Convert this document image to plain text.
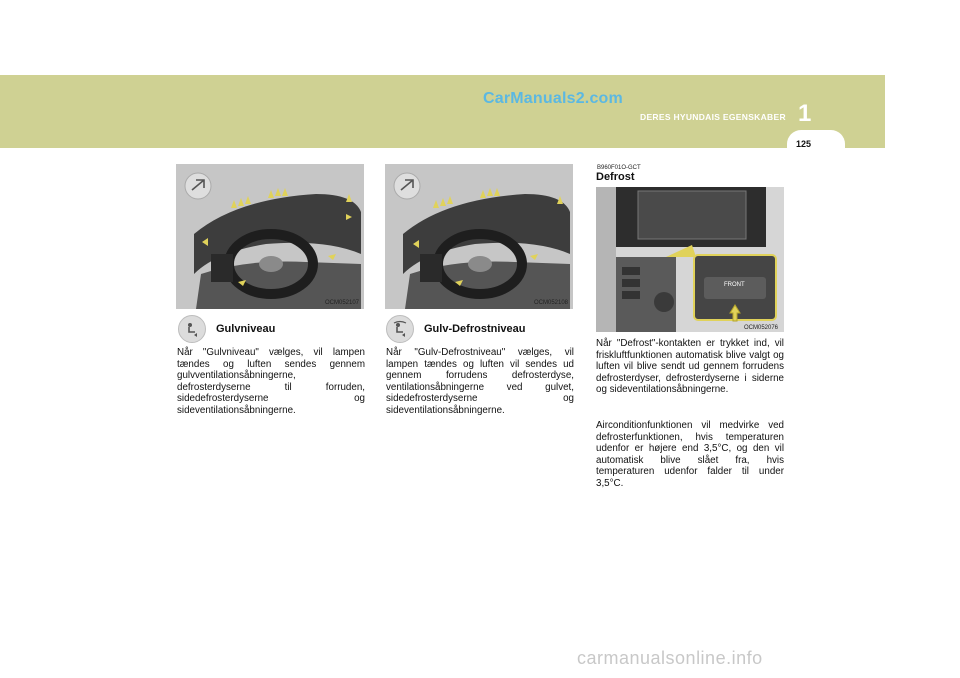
CarManuals2.com
DERES HYUNDAIS EGENSKABER 1
125
OCM052107
Gulvniveau
Når "Gulvniveau" vælges, vil lampen tændes og luften sendes gennem gulvventilationsåbningerne, defrosterdyserne til forruden, sidedefrosterdyserne og sideventilationsåbningerne.
OCM052108
Gulv-Defrostniveau
Når "Gulv-Defrostniveau" vælges, vil lampen tændes og luften vil sendes ud gennem forrudens defrosterdyse, ventilationsåbningerne ved gulvet, sidedefrosterdyserne og sideventilationsåbningerne.
B960F01O-GCT
Defrost
FRONT
OCM052076
Når "Defrost"-kontakten er trykket ind, vil friskluftfunktionen automatisk blive valgt og luften vil blive sendt ud gennem forrudens defrosterdyser, defrosterdyserne i siderne og sideventilationsåbningerne.
Airconditionfunktionen vil medvirke ved defrosterfunktionen, hvis temperaturen udenfor er højere end 3,5°C, og den vil automatisk blive slået fra, hvis temperaturen udenfor falder til under 3,5°C.
carmanualsonline.info
